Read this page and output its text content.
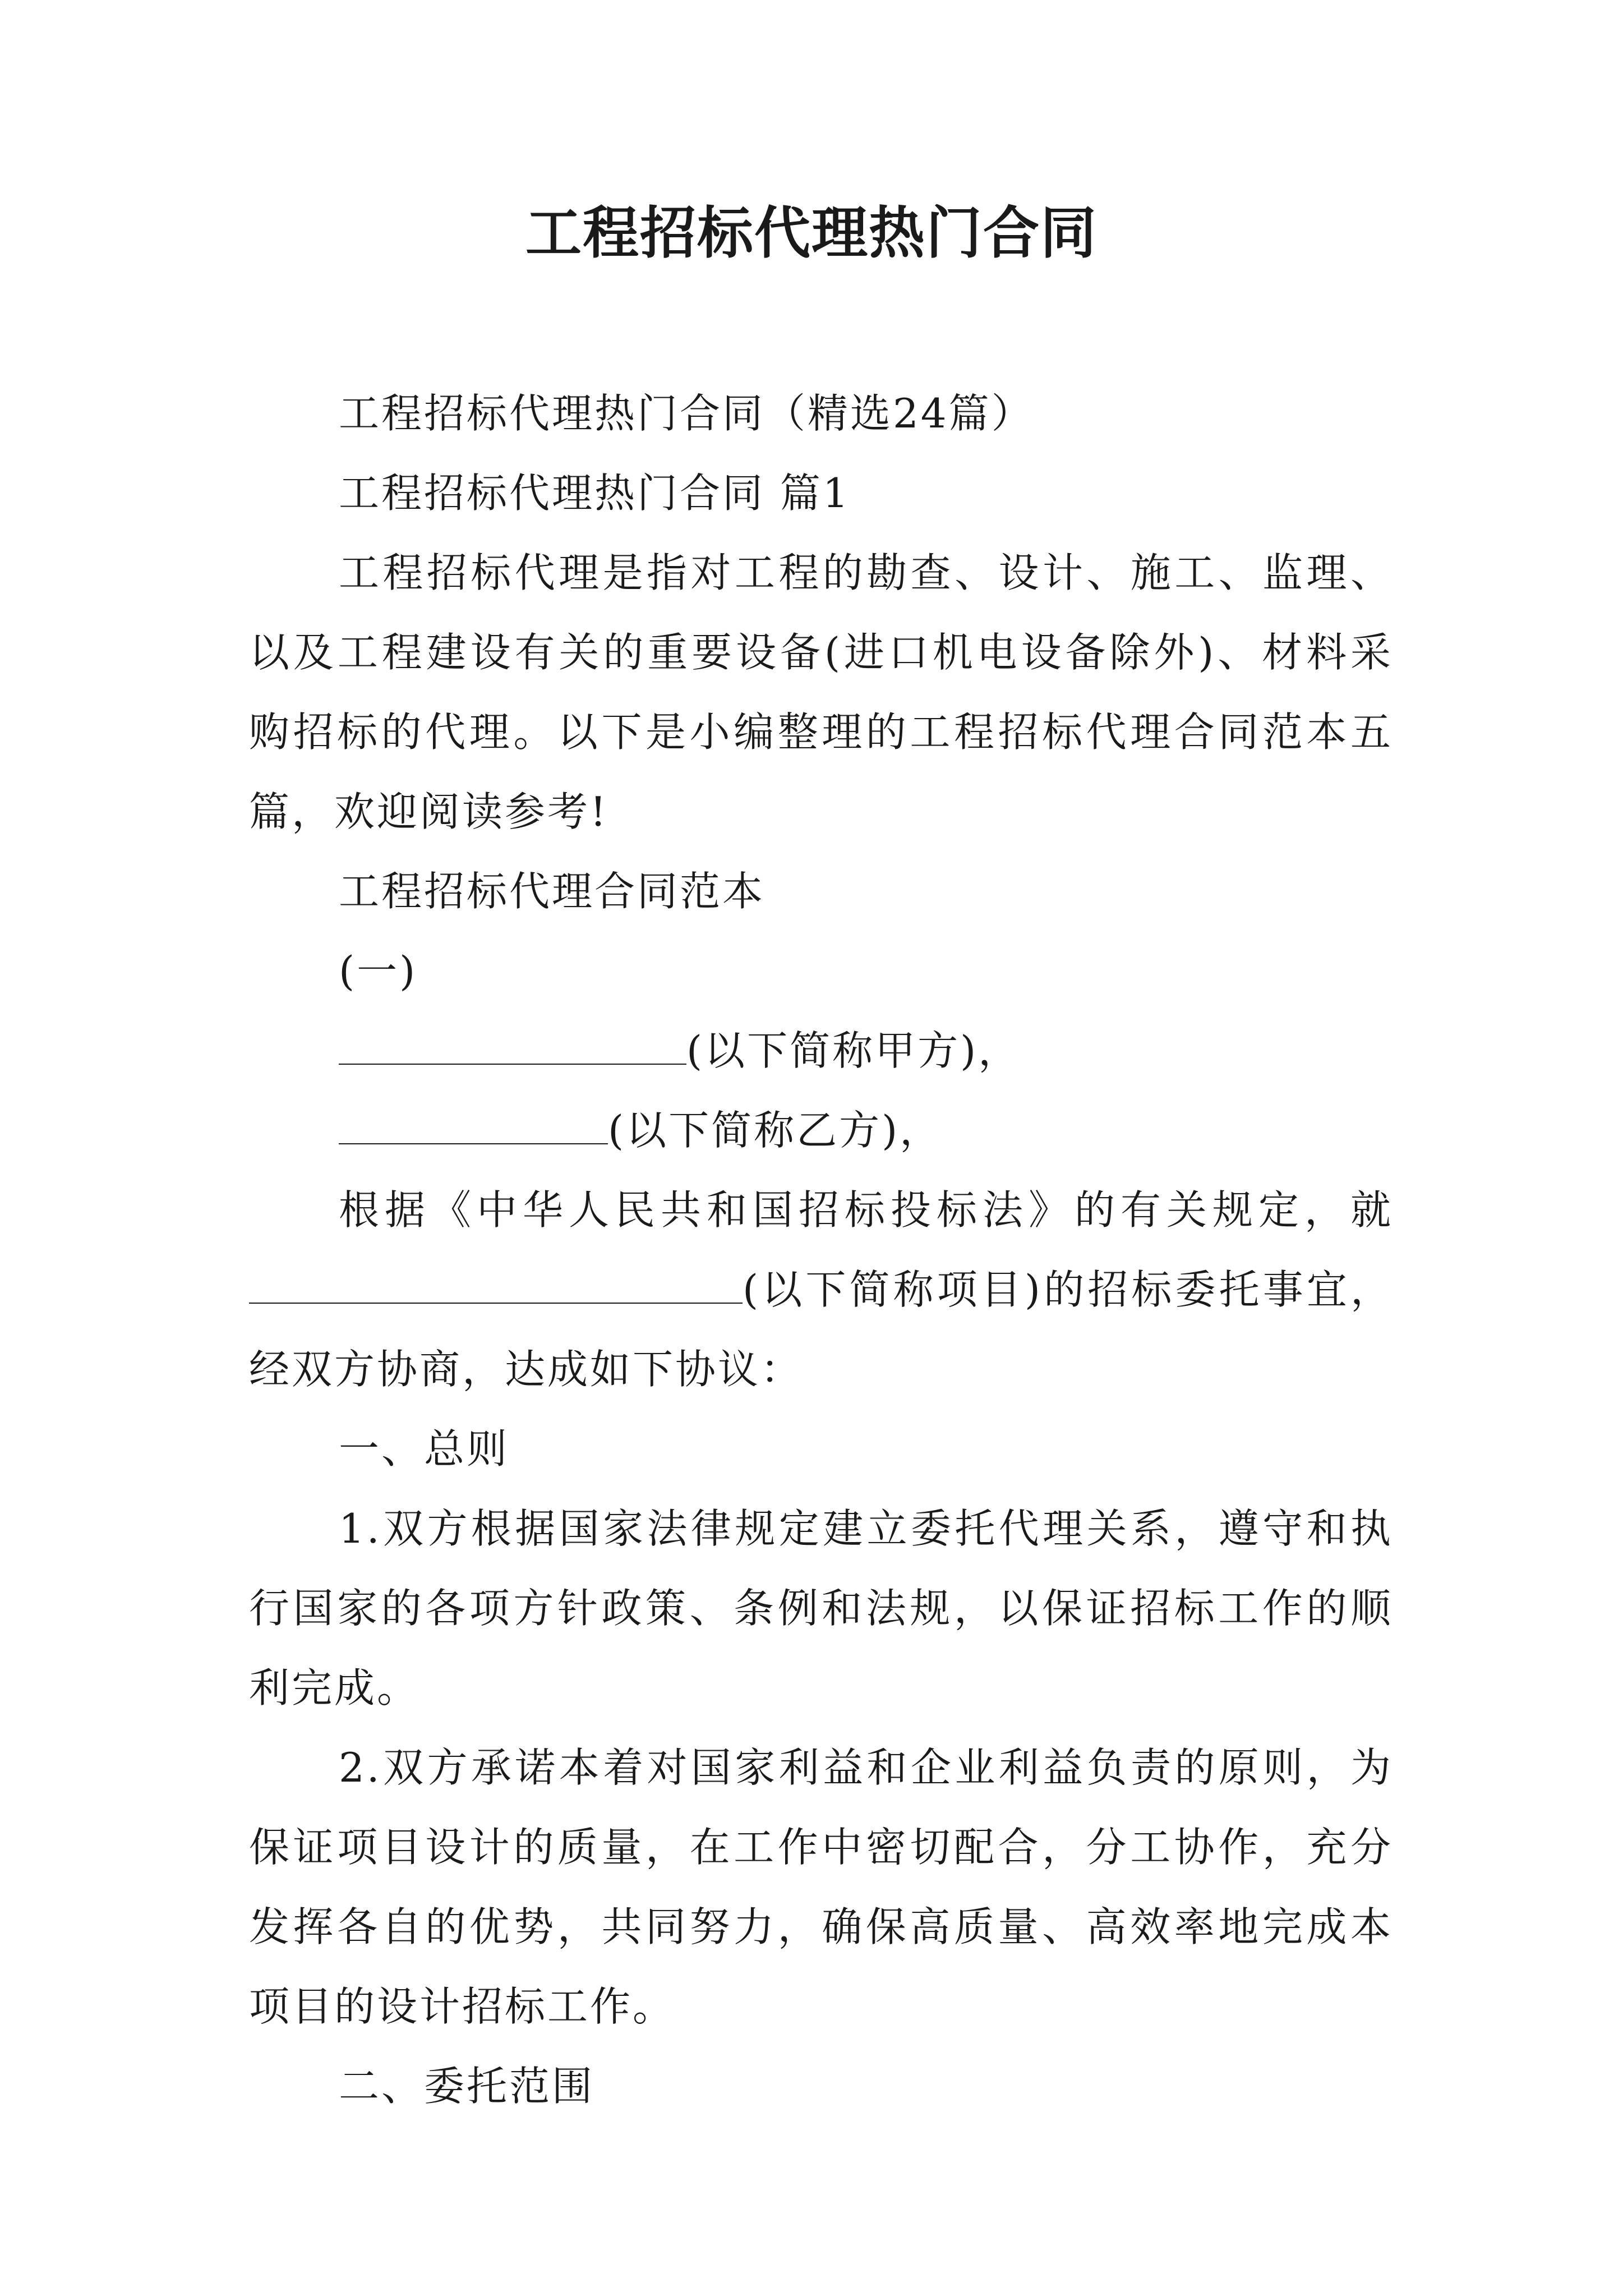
工程招标代理热门合同

工程招标代理热门合同（精选24篇）

工程招标代理热门合同 篇1

工程招标代理是指对工程的勘查、设计、施工、监理、以及工程建设有关的重要设备(进口机电设备除外)、材料采购招标的代理。以下是小编整理的工程招标代理合同范本五篇，欢迎阅读参考!

工程招标代理合同范本

(一)

(以下简称甲方)，

(以下简称乙方)，

根据《中华人民共和国招标投标法》的有关规定，就(以下简称项目)的招标委托事宜，经双方协商，达成如下协议：

一、总则

1.双方根据国家法律规定建立委托代理关系，遵守和执行国家的各项方针政策、条例和法规，以保证招标工作的顺利完成。

2.双方承诺本着对国家利益和企业利益负责的原则，为保证项目设计的质量，在工作中密切配合，分工协作，充分发挥各自的优势，共同努力，确保高质量、高效率地完成本项目的设计招标工作。

二、委托范围
